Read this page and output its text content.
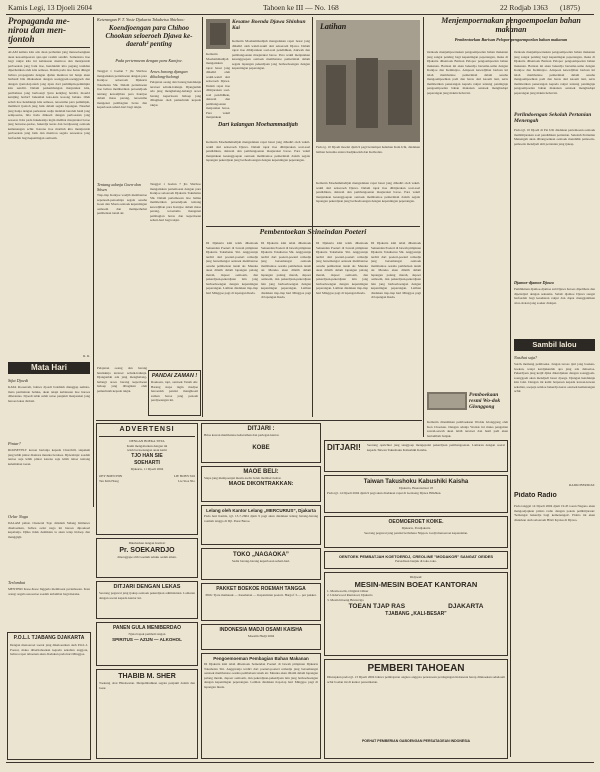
Kamis Legi, 13 Djoeli 2604	Tahoen ke III — No. 168	22 Rodjab 1363 (1875)
Propaganda me-nirou dan men-tjontoh
ALAM keliata kita ada dean perhatian jang menoeloengkan akan kesoempoeran ajar-ajar raatim sendiri. Sementara itoe bagi rakjat kita ini kebiasaan menirou dan mentjontoh perboeatan jang baik itoe, hendaklah kita pegang teuhdan diperhatikan oleh kita semoea. Dalam pada itoe harus diingat bahwa propaganda dengan djalan menirou ini hanja akan berhasil bila dilakoekan dengan soenggoeh-soenggoeh dan dengan tjontoh-tjontoh jang njata dari pemimpin-pemimpin kita sendiri. Dalam perkembangan masjarakat kita, peribahasa jang berboenji 'guru kentjing berdiri, moerid kentjing berlari' bukanlah kata-kata kosong belaka. Oleh sebab itoe hendaknja kita semoea, teroetama para pemimpin, memberi tjontoh jang baik dalam segala lapangan. Nasehat jang hanja dengan perkataan sadja tiadalah beroleh hasil jang sempoerna, bila tiada diikoeti dengan perboeatan jang sesoeai. Kita pada hakekatnja ingin melihat masjarakat baroe jang bersatoe-padoe, bekerdja keras dan berdjoeang oentoek kemenangan achir. Karena itoe marilah kita mentjontoh perboeatan jang baik dan menirou segala sesoeatoe jang berfaedah bagi kepentingan oemoem.
R. R.
Mata Hari
Sifat Djoedi
KATA Roosevelt, bahwa djoedi bolehlah dianggap semata-mata permainan belaka, akan tetapi kebiasaan itoe haroes diberantas. Djoedi ialah salah satoe penjakit masjarakat jang haroes lekas diobati.
Pintar?
ROOSEVELT konon bertanja kepada Churchill, siapakah jang lebih pintar diantara mereka berdoea. Djawabnja: soedah tentoe saja lebih pintar karena saja lebih tahoe tentang kelemahan toean.
Oelar Naga
DALAM pidato Cheneral Tojo didalam Sidang Istimewa diseboetkan, bahwa oelar naga ini haroes dipoekoel kepalanja. Djika tidak demikian ia akan tetap hidoep dan menggigit.
Terlambat
MENTERI Kaoe-Kaoe Inggeris memboeat pertemoean. Kata orang: segala sesoeatoe soedah terlambat bagi mereka.
P.O.L.I. TJABANG DJAKARTA
Dengan menoeroet soerat jang dikeloearkan oleh P.O.L.I. Poesat, maka diberitahoekan kepada sekalian anggota, bahwa rapat tahoenan akan diadakan pada hari Minggoe.
Keterangan P. T. Yosie Djakarta Tokubetsu Shichoo:
Koendjoengan para Chihoo Chookan seloeroeh Djawa ke-daerah² penting
Pada pertemoean dengan para Kantjoe.
Tanggal 1 boelan 7 jbs Shichoo mengadakan pertemoean dengan para Kantjoe seloeroeh Djakarta Tokubetsu Shi. Dalam pertemoean itoe beliau memberikan petoendjoek tentang kewadjiban para Kantjoe dalam masa perang, teroetama mengenai pembagian beras dan keperloean sehari-hari bagi rakjat.
Aroes barang djangan dihalang-halangi
Pelajaran oeang dan barang hendaknja teratoer sebaik-baiknja. Djanganlah ada jang menghalang-halangi aroes barang keperloean hidoep jang dibagikan oleh pemerintah kepada rakjat.
Tentang adanja Goen-dan Sōsen
Tiap-tiap Kantjoe wadjib membantoe sepenoeh-penoehnja segala oesaha Goen dan Sōsen oentoek kepentingan oemoem dan memperhebat pembelaan tanah air.
Tanggal 1 boelan 7 jbs Shichoo mengadakan pertemoean dengan para Kantjoe seloeroeh Djakarta Tokubetsu Shi. Dalam pertemoean itoe beliau memberikan petoendjoek tentang kewadjiban para Kantjoe dalam masa perang, teroetama mengenai pembagian beras dan keperloean sehari-hari bagi rakjat.
PANDAI ZAMAN !
Roekoen, rapi, oentoek Tanah Air. Barang siapa ingin madjoe haroeslah pandai mengikoeti zaman baroe jang penoeh perdjoeangan ini.
Pelajaran oeang dan barang hendaknja teratoer sebaik-baiknja. Djanganlah ada jang menghalang-halangi aroes barang keperloean hidoep jang dibagikan oleh pemerintah kepada rakjat.
Kesatoe Boenda Djawa Shinbun Kai
Kemarin Moehammadijah mengadakan rapat besar jang dihadiri oleh wakil-wakil dari seloeroeh Djawa. Dalam rapat itoe dibitjarakan soal-soal pendidikan, dakwah dan pembangoenan masjarakat baroe. Para wakil menjatakan kesanggoepan oentoek membantoe pemerintah dalam segala lapangan pekerdjaan jang berhoeboengan dengan kepentingan peperangan.
Kemarin Moehammadijah mengadakan rapat besar jang dihadiri oleh wakil-wakil dari seloeroeh Djawa. Dalam rapat itoe dibitjarakan soal-soal pendidikan, dakwah dan pembangoenan masjarakat baroe. Para wakil menjatakan
Dari kalangan Moehammadijah
Kemarin Moehammadijah mengadakan rapat besar jang dihadiri oleh wakil-wakil dari seloeroeh Djawa. Dalam rapat itoe dibitjarakan soal-soal pendidikan, dakwah dan pembangoenan masjarakat baroe. Para wakil menjatakan kesanggoepan oentoek membantoe pemerintah dalam segala lapangan pekerdjaan jang berhoeboengan dengan kepentingan peperangan.
Latihan
Pada tg. 10 Djoeli moelai djam 9 pagi bertempat halaman Kain Ichi, diadakan latihan bersama antara Kedjikoelah dan Keibodan.
Kemarin Moehammadijah mengadakan rapat besar jang dihadiri oleh wakil-wakil dari seloeroeh Djawa. Dalam rapat itoe dibitjarakan soal-soal pendidikan, dakwah dan pembangoenan masjarakat baroe. Para wakil menjatakan kesanggoepan oentoek membantoe pemerintah dalam segala lapangan pekerdjaan jang berhoeboengan dengan kepentingan peperangan.
Pembentoekan Seineindan Poeteri
Di Djakarta kini telah dibentoek Seinendan Poeteri di bawah pimpinan Djakarta Tokubetsu Shi. Anggotanja terdiri dari poeteri-poeteri remadja jang bersemangat oentoek membantoe oesaha pembelaan tanah air. Mereka akan dilatih dalam lapangan palang merah, dapoer oemoem, dan pekerdjaan-pekerdjaan lain jang berhoeboengan dengan kepentingan peperangan. Latihan diadakan tiap-tiap hari Minggoe pagi di lapangan Ikada.
Di Djakarta kini telah dibentoek Seinendan Poeteri di bawah pimpinan Djakarta Tokubetsu Shi. Anggotanja terdiri dari poeteri-poeteri remadja jang bersemangat oentoek membantoe oesaha pembelaan tanah air. Mereka akan dilatih dalam lapangan palang merah, dapoer oemoem, dan pekerdjaan-pekerdjaan lain jang berhoeboengan dengan kepentingan peperangan. Latihan diadakan tiap-tiap hari Minggoe pagi di lapangan Ikada.
Di Djakarta kini telah dibentoek Seinendan Poeteri di bawah pimpinan Djakarta Tokubetsu Shi. Anggotanja terdiri dari poeteri-poeteri remadja jang bersemangat oentoek membantoe oesaha pembelaan tanah air. Mereka akan dilatih dalam lapangan palang merah, dapoer oemoem, dan pekerdjaan-pekerdjaan lain jang berhoeboengan dengan kepentingan peperangan. Latihan diadakan tiap-tiap hari Minggoe pagi di lapangan Ikada.
Di Djakarta kini telah dibentoek Seinendan Poeteri di bawah pimpinan Djakarta Tokubetsu Shi. Anggotanja terdiri dari poeteri-poeteri remadja jang bersemangat oentoek membantoe oesaha pembelaan tanah air. Mereka akan dilatih dalam lapangan palang merah, dapoer oemoem, dan pekerdjaan-pekerdjaan lain jang berhoeboengan dengan kepentingan peperangan. Latihan diadakan tiap-tiap hari Minggoe pagi di lapangan Ikada.
Menjempoernakan pengoempoelan bahan makanan
Pembentoekan Barisan Pelopor pengoempoelan bahan makanan
Oentoek menjempoernakan pengoempoelan bahan makanan jang sangat penting bagi kepentingan peperangan, maka di Djakarta dibentoek Barisan Pelopor pengoempoelan bahan makanan. Barisan ini akan bekerdja bersama-sama dengan Kantjoe dan Kemintjoo. Adapoen kewadjiban barisan ini ialah membantoe pemerintah dalam oesaha mengoempoelkan padi dan beras dari kaoem tani, serta memberikan penerangan kepada rakjat tentang pentingnja pengoempoelan bahan makanan oentoek menghadapi peperangan jang makin hebat ini.
Oentoek menjempoernakan pengoempoelan bahan makanan jang sangat penting bagi kepentingan peperangan, maka di Djakarta dibentoek Barisan Pelopor pengoempoelan bahan makanan. Barisan ini akan bekerdja bersama-sama dengan Kantjoe dan Kemintjoo. Adapoen kewadjiban barisan ini ialah membantoe pemerintah dalam oesaha mengoempoelkan padi dan beras dari kaoem tani, serta memberikan penerangan kepada rakjat tentang pentingnja pengoempoelan bahan makanan oentoek menghadapi peperangan jang makin hebat ini.
Perlindoengan Sekolah Pertanian Menengah
Pada tgl. 10 Djoeli di Pai Ichi diadakan pertemoean oentoek membitjarakan soal pendidikan pertanian. Sekolah Pertanian Menengah akan dibangoenkan oentoek mendidik pemoeda-pemoeda mendjadi ahli pertanian jang tjakap.
Djamoe-djamoe Djawa
Pembikinan djamoe-djamoe asli Djawa haroes dipelihara dan dipeladjari dengan seksama. Sebab djamoe Djawa sangat berfaedah bagi kesehatan rakjat dan dapat menggantikan obat-obatan jang soekar didapat.
Sambil lalou
Nasihat saja?
SAJA memang pemboeka. Jangan teroes tjari jang boekan-boekan, tetapi kerdjakanlah apa jang ada dahoeloe. Pekerdjaan jang ketjil djika dikerdjakan dengan soenggoeh-soenggoeh akan mendjadi besar djoega. Djangan hendaknja kita lalai. Dengan ini kami berpesan kepada kawan-kawan sekalian, soepaja selaloe bekerdja keras oentoek kemenangan achir.
RADIO BERDJAT.
Pidato Radio
Pada tanggal 14 Djoeli 2604 djam 19.45 toean Nagano akan mengoetjapkan pidato radio dengan pokok pembitjaraan: 'Semangat bekerdja bagi kemenangan'. Pidato ini akan disiarkan oleh seloeroeh Hōsō Kyoku di Djawa.
Pemboekaan resmi Wo-dok Glonggong
Kemarin diresmikan pemboekaan Wodok Glonggong oleh Ken Chookan. Dengan adanja Wodok ini maka pengairan sawah-sawah akan lebih teratoer dan hasil padi akan bertambah banjak.
ADVERTENSI
DENGAN BOEKA TJITA
Kami mengabarkan dengan ini
telah bertoenangan anak kami
TJO HAN SIE
SOEHARTI
Djakarta, 11 Djoeli 2604
OEY BOEN HIN
Tan Kim Hong
LIE BOEN SIO
Lie Sioe Nio
Dikabarkan dengan hormat:
Pr. SOEKARDJO
dinonggape olih Goenuh selaku oedah aman.
DITJARI DENGAN LEKAS
Seorang pegawai jang tjakap oentoek pekerdjaan administrasi. Lamaran dengan soerat kepada kantor ini.
PANEN GULA MENIBERDAO
Njata bapak pembeli tangan
SPIRITUS — AZIJN — ALKOHOL
THABIB M. SHER
Toekang obat Hindoestan. Menjembuhkan segala penjakit dalam dan loear.
DITJARI :
Brisa kawan membantoe kebersihan dan perlegan kantor.
KOBE
MAOE BELI:
Siapa jang mempoenjai mesin-toelis boleh memberi kabar.
MAOE DIKONTRAKKAN:
Lelang oleh Kantor Lelang „MERCURIUS”, Djakarta
Pada hari Kemis, tgl. 13-7-2604 djam 9 pagi akan diadakan lelang barang-barang roemah tangga di Djl. Pasar Baroe.
TOKO „NAGAOKA”
Sedia barang-barang keperloean sehari-hari.
PAKKET BOEKOE ROEMAH TANGGA
Pilih: Tjara memasak — Kesehatan — Kepandaian poeteri. Harga f 3.— per pakket.
INDONESIA MADJI OSAMI KAISHA
Moesim Hadji 2604
Pengoemoeman Pembagian Bahan Makanan
Di Djakarta kini telah dibentoek Seinendan Poeteri di bawah pimpinan Djakarta Tokubetsu Shi. Anggotanja terdiri dari poeteri-poeteri remadja jang bersemangat oentoek membantoe oesaha pembelaan tanah air. Mereka akan dilatih dalam lapangan palang merah, dapoer oemoem, dan pekerdjaan-pekerdjaan lain jang berhoeboengan dengan kepentingan peperangan. Latihan diadakan tiap-tiap hari Minggoe pagi di lapangan Ikada.
DITJARI!	Seorang opzichter jang sanggoep mengepalai pekerdjaan pembangoenan. Lamaran dengan soerat kepada Taiwan Takushoku Kabushiki Kaisha.
Taiwan Takushoku Kabushiki Kaisha
Djakarta, Heerenstraat 18
Pada tgl. 14 Djoeli 2604 djam 9 pagi akan diadakan rapat di Gedoeng Djawa Hōkōkai.
OEOMOEROET KOIKE.
Djakarta, Pondjakarta
Seorang pegawai jang pandai berbahasa Nippon. Gadji menoeroet kepandaian.
OENTOEK PEMBATJAH KOETOERDJ, CREOLINE "MODAKOR" SANGAT OEIDES
Persediaan banjak di toko-toko.
Didjoeal:
MESIN-MESIN BOEAT KANTORAN
1. Mesin-toelis, Original Odner
2. Underwood Rantotoel, Djakarta
3. Mesin hitoeng Brunsviga
TOEAN TJAP RAS	DJAKARTA
TJABANG „KALI-BESAR”
PEMBERI TAHOEAN
Ditetapkan pada tgl. 13 Djoeli 2604 bahwa pembajaran ongkos anggota persatoean perdagangan Indonesia harap dilakoekan sebeloem achir boelan ini di kantor perserikatan.
POEHAT PEMBERIAN GABOENGAN PERSATAOEAN INDONESIA
